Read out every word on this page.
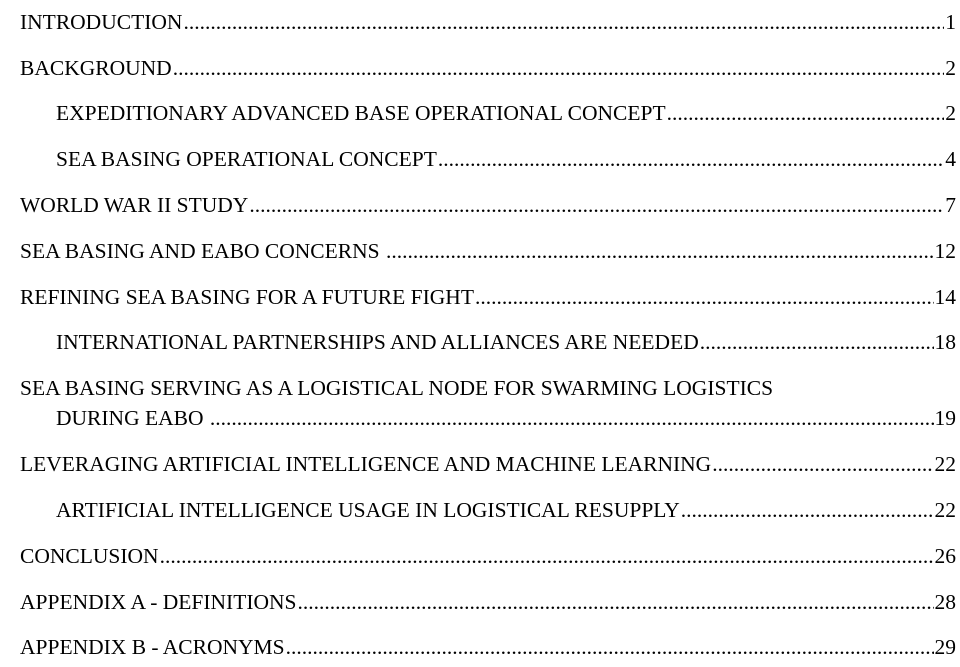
INTRODUCTION .....	1
BACKGROUND .....	2
EXPEDITIONARY ADVANCED BASE OPERATIONAL CONCEPT .....	2
SEA BASING OPERATIONAL CONCEPT .....	4
WORLD WAR II STUDY .....	7
SEA BASING AND EABO CONCERNS .....	12
REFINING SEA BASING FOR A FUTURE FIGHT .....	14
INTERNATIONAL PARTNERSHIPS AND ALLIANCES ARE NEEDED .....	18
SEA BASING SERVING AS A LOGISTICAL NODE FOR SWARMING LOGISTICS
DURING EABO .....	19
LEVERAGING ARTIFICIAL INTELLIGENCE AND MACHINE LEARNING .....	22
ARTIFICIAL INTELLIGENCE USAGE IN LOGISTICAL RESUPPLY .....	22
CONCLUSION .....	26
APPENDIX A - DEFINITIONS .....	28
APPENDIX B - ACRONYMS .....	29
